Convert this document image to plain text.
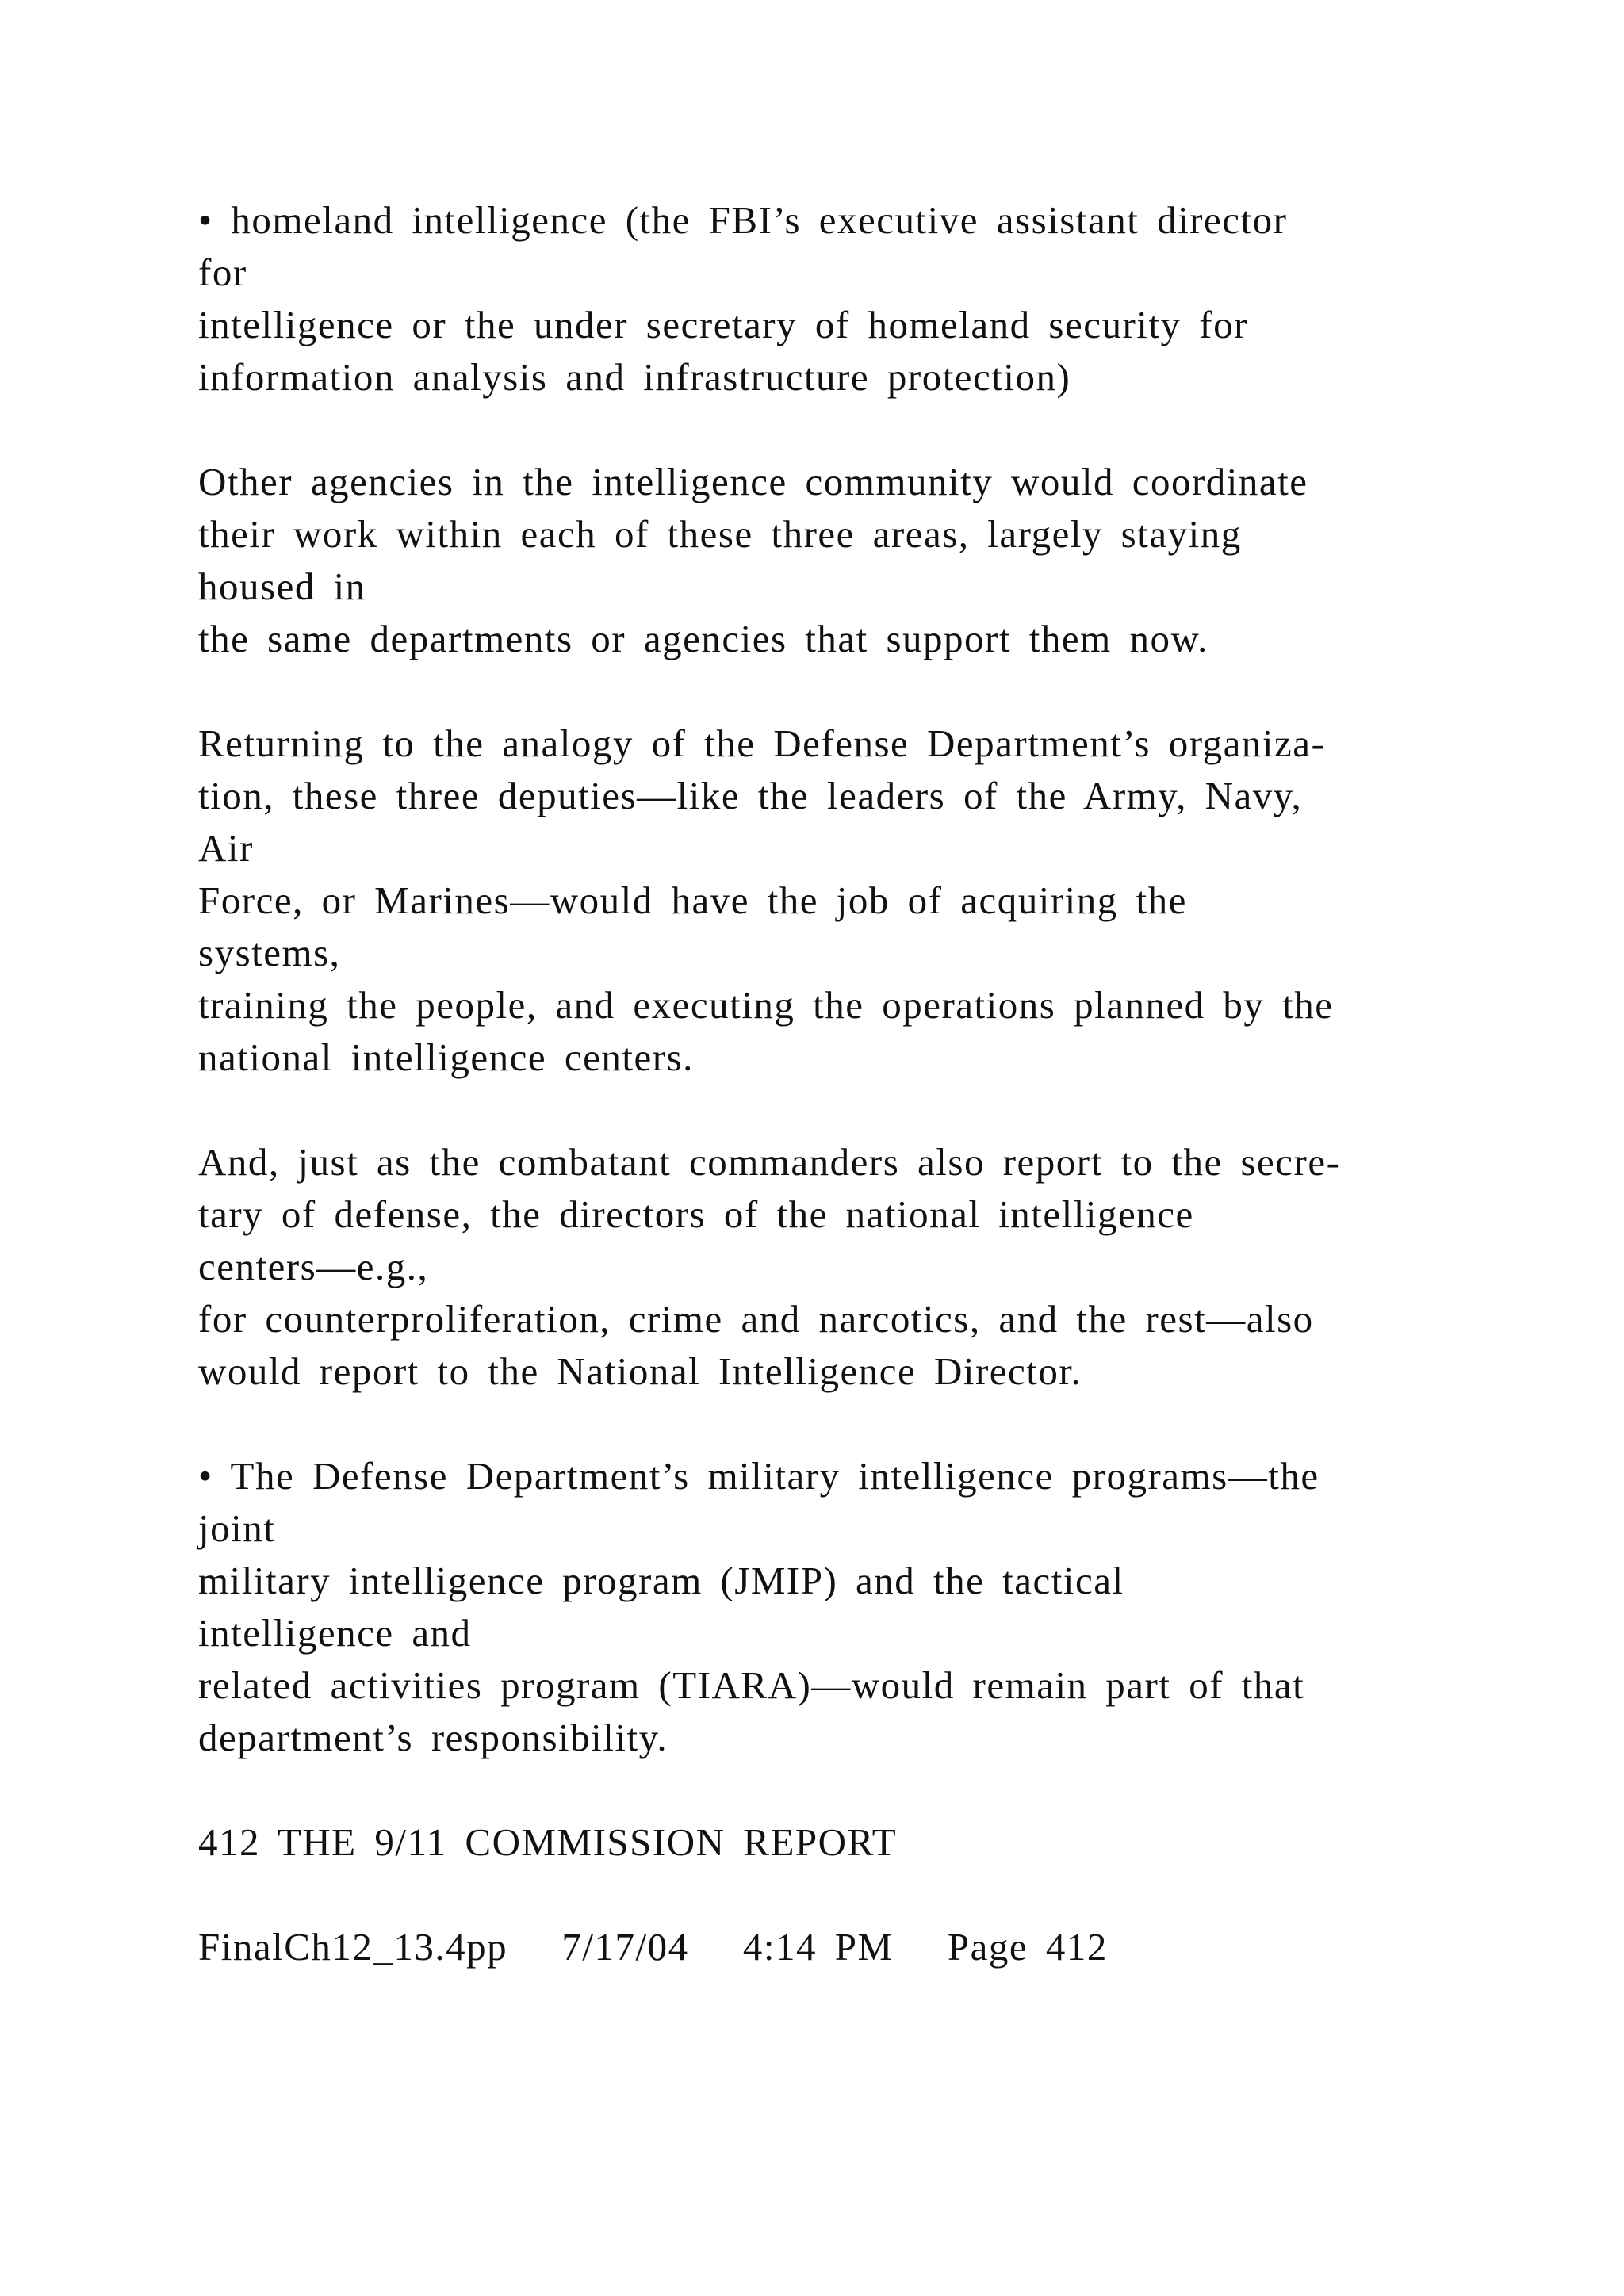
• homeland intelligence (the FBI’s executive assistant director
for
intelligence or the under secretary of homeland security for
information analysis and infrastructure protection)
Other agencies in the intelligence community would coordinate
their work within each of these three areas, largely staying
housed in
the same departments or agencies that support them now.
Returning to the analogy of the Defense Department’s organiza-
tion, these three deputies—like the leaders of the Army, Navy,
Air
Force, or Marines—would have the job of acquiring the
systems,
training the people, and executing the operations planned by the
national intelligence centers.
And, just as the combatant commanders also report to the secre-
tary of defense, the directors of the national intelligence
centers—e.g.,
for counterproliferation, crime and narcotics, and the rest—also
would report to the National Intelligence Director.
• The Defense Department’s military intelligence programs—the
joint
military intelligence program (JMIP) and the tactical
intelligence and
related activities program (TIARA)—would remain part of that
department’s responsibility.
412 THE 9/11 COMMISSION REPORT
FinalCh12_13.4pp   7/17/04   4:14 PM   Page 412
